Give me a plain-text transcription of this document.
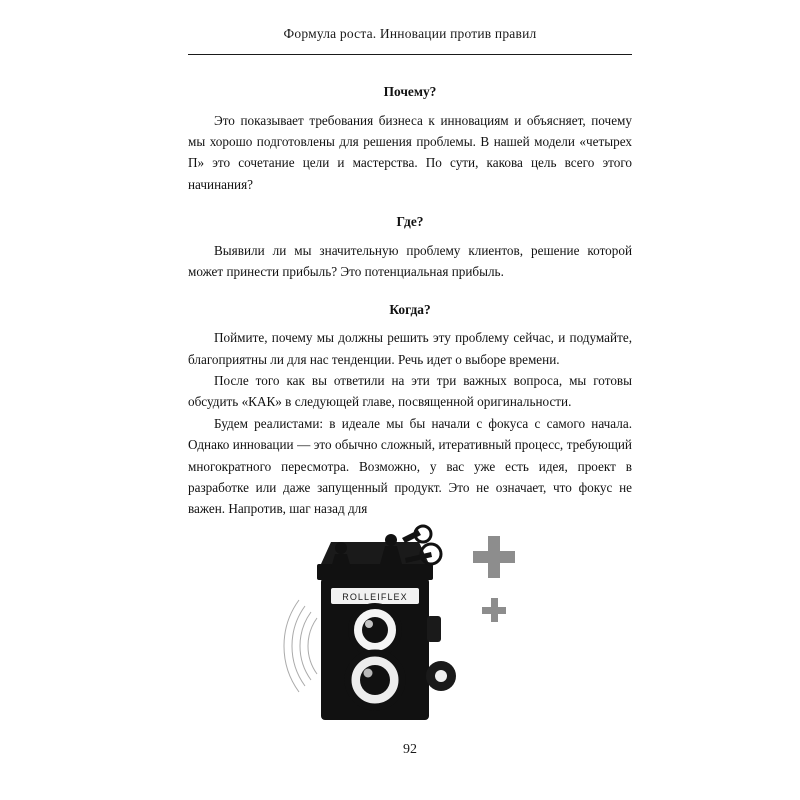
Формула роста. Инновации против правил
Почему?

Это показывает требования бизнеса к инновациям и объясняет, почему мы хорошо подготовлены для решения проблемы. В нашей модели «четырех П» это сочетание цели и мастерства. По сути, какова цель всего этого начинания?

Где?

Выявили ли мы значительную проблему клиентов, решение которой может принести прибыль? Это потенциальная прибыль.

Когда?

Поймите, почему мы должны решить эту проблему сейчас, и подумайте, благоприятны ли для нас тенденции. Речь идет о выборе времени.

После того как вы ответили на эти три важных вопроса, мы готовы обсудить «КАК» в следующей главе, посвященной оригинальности.

Будем реалистами: в идеале мы бы начали с фокуса с самого начала. Однако инновации — это обычно сложный, итеративный процесс, требующий многократного пересмотра. Возможно, у вас уже есть идея, проект в разработке или даже запущенный продукт. Это не означает, что фокус не важен. Напротив, шаг назад для

92
ROLLEIFLEX
